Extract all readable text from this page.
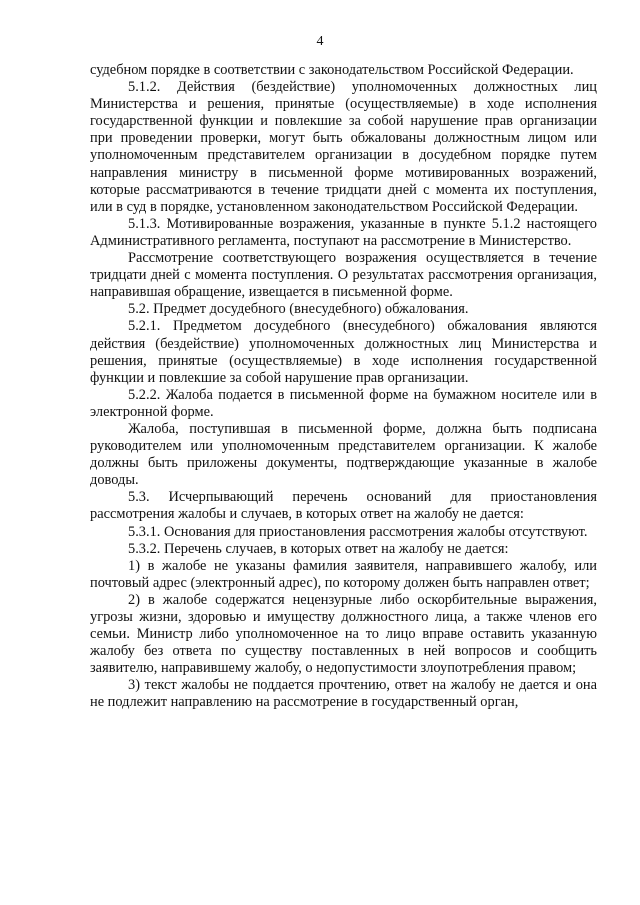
4

судебном порядке в соответствии с законодательством Российской Федерации.

5.1.2. Действия (бездействие) уполномоченных должностных лиц Министерства и решения, принятые (осуществляемые) в ходе исполнения государственной функции и повлекшие за собой нарушение прав организации при проведении проверки, могут быть обжалованы должностным лицом или уполномоченным представителем организации в досудебном порядке путем направления министру в письменной форме мотивированных возражений, которые рассматриваются в течение тридцати дней с момента их поступления, или в суд в порядке, установленном законодательством Российской Федерации.

5.1.3. Мотивированные возражения, указанные в пункте 5.1.2 настоящего Административного регламента, поступают на рассмотрение в Министерство.

Рассмотрение соответствующего возражения осуществляется в течение тридцати дней с момента поступления. О результатах рассмотрения организация, направившая обращение, извещается в письменной форме.

5.2. Предмет досудебного (внесудебного) обжалования.

5.2.1. Предметом досудебного (внесудебного) обжалования являются действия (бездействие) уполномоченных должностных лиц Министерства и решения, принятые (осуществляемые) в ходе исполнения государственной функции и повлекшие за собой нарушение прав организации.

5.2.2. Жалоба подается в письменной форме на бумажном носителе или в электронной форме.

Жалоба, поступившая в письменной форме, должна быть подписана руководителем или уполномоченным представителем организации. К жалобе должны быть приложены документы, подтверждающие указанные в жалобе доводы.

5.3. Исчерпывающий перечень оснований для приостановления рассмотрения жалобы и случаев, в которых ответ на жалобу не дается:

5.3.1. Основания для приостановления рассмотрения жалобы отсутствуют.

5.3.2. Перечень случаев, в которых ответ на жалобу не дается:

1) в жалобе не указаны фамилия заявителя, направившего жалобу, или почтовый адрес (электронный адрес), по которому должен быть направлен ответ;

2) в жалобе содержатся нецензурные либо оскорбительные выражения, угрозы жизни, здоровью и имуществу должностного лица, а также членов его семьи. Министр либо уполномоченное на то лицо вправе оставить указанную жалобу без ответа по существу поставленных в ней вопросов и сообщить заявителю, направившему жалобу, о недопустимости злоупотребления правом;

3) текст жалобы не поддается прочтению, ответ на жалобу не дается и она не подлежит направлению на рассмотрение в государственный орган,
